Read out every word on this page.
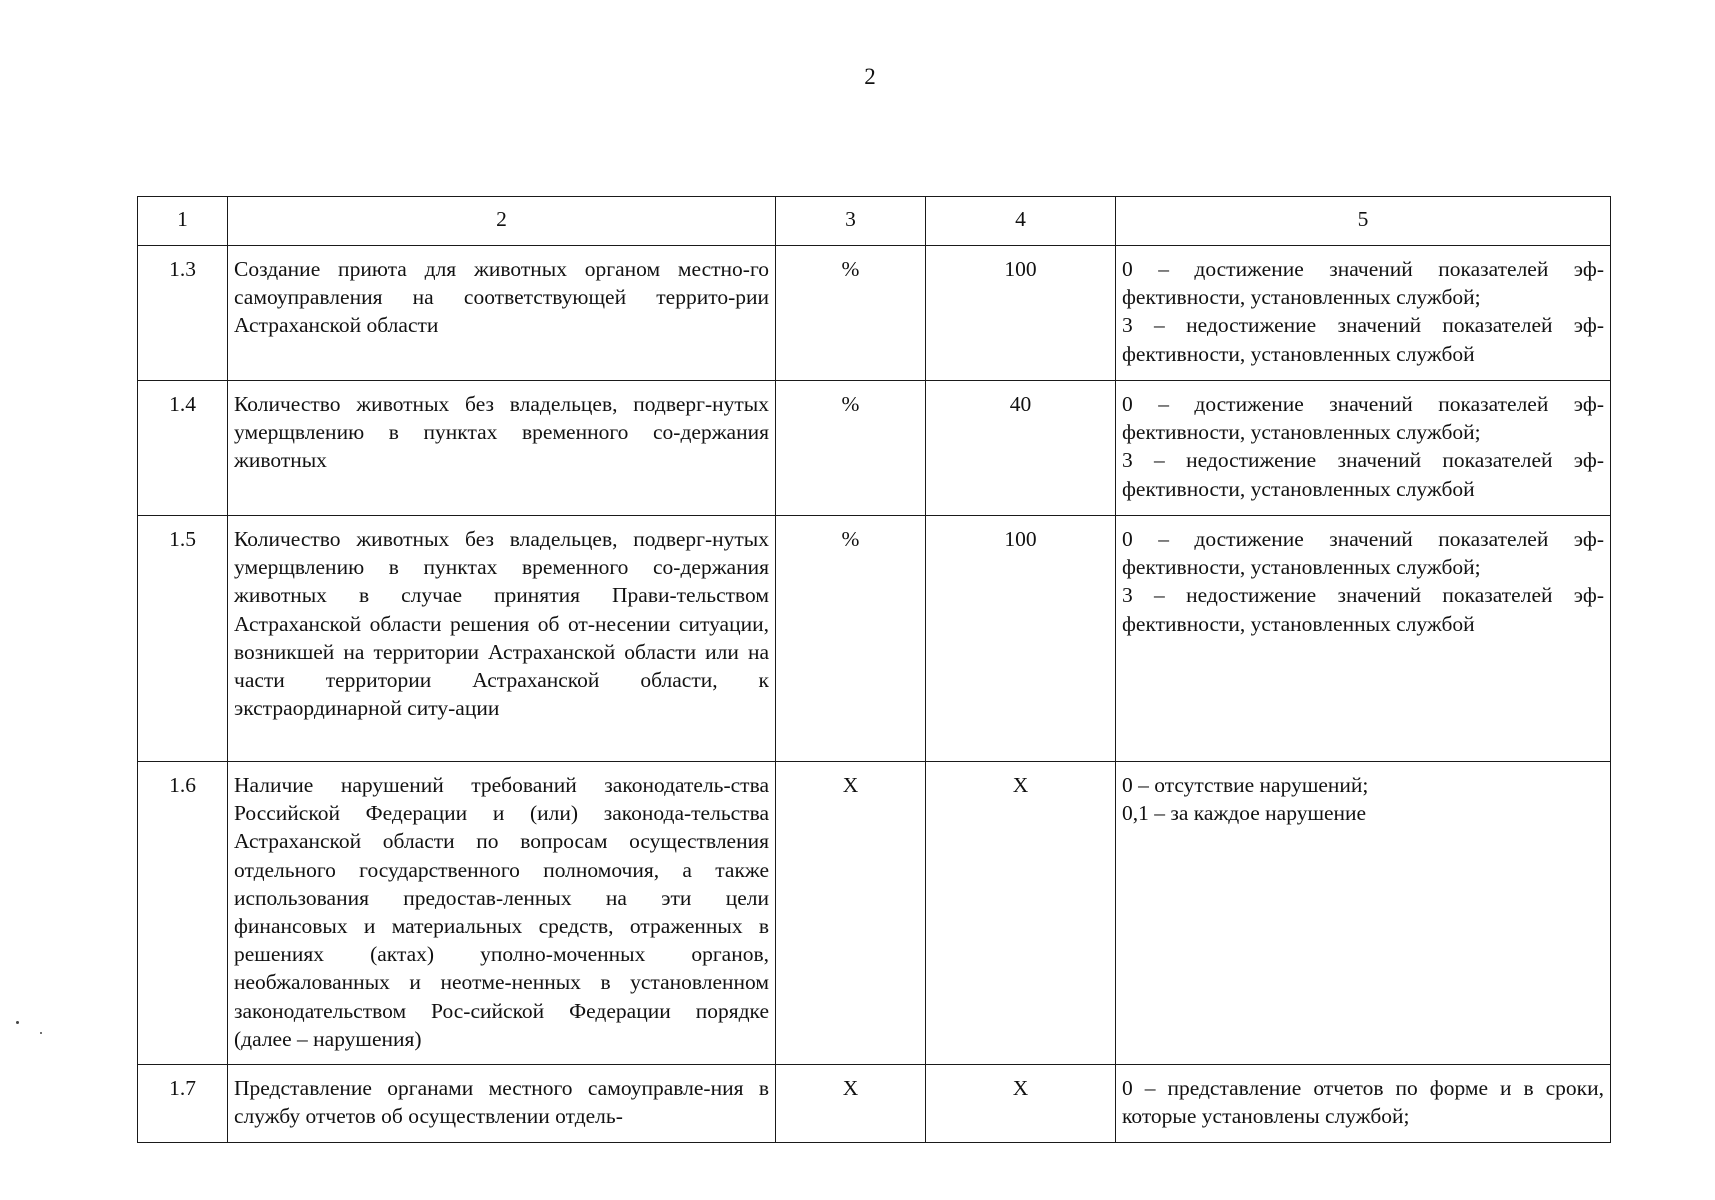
2
1	2	3	4	5
1.3	Создание приюта для животных органом местно-го самоуправления на соответствующей террито-рии Астраханской области	%	100	0 – достижение значений показателей эф-фективности, установленных службой;
3 – недостижение значений показателей эф-фективности, установленных службой

1.4	Количество животных без владельцев, подверг-нутых умерщвлению в пунктах временного со-держания животных	%	40	0 – достижение значений показателей эф-фективности, установленных службой;
3 – недостижение значений показателей эф-фективности, установленных службой

1.5	Количество животных без владельцев, подверг-нутых умерщвлению в пунктах временного со-держания животных в случае принятия Прави-тельством Астраханской области решения об от-несении ситуации, возникшей на территории Астраханской области или на части территории Астраханской области, к экстраординарной ситу-ации	%	100	0 – достижение значений показателей эф-фективности, установленных службой;
3 – недостижение значений показателей эф-фективности, установленных службой

1.6	Наличие нарушений требований законодатель-ства Российской Федерации и (или) законода-тельства Астраханской области по вопросам осуществления отдельного государственного полномочия, а также использования предостав-ленных на эти цели финансовых и материальных средств, отраженных в решениях (актах) уполно-моченных органов, необжалованных и неотме-ненных в установленном законодательством Рос-сийской Федерации порядке (далее – нарушения)	X	X	0 – отсутствие нарушений;
0,1 – за каждое нарушение

1.7	Представление органами местного самоуправле-ния в службу отчетов об осуществлении отдель-	X	X	0 – представление отчетов по форме и в сроки, которые установлены службой;
